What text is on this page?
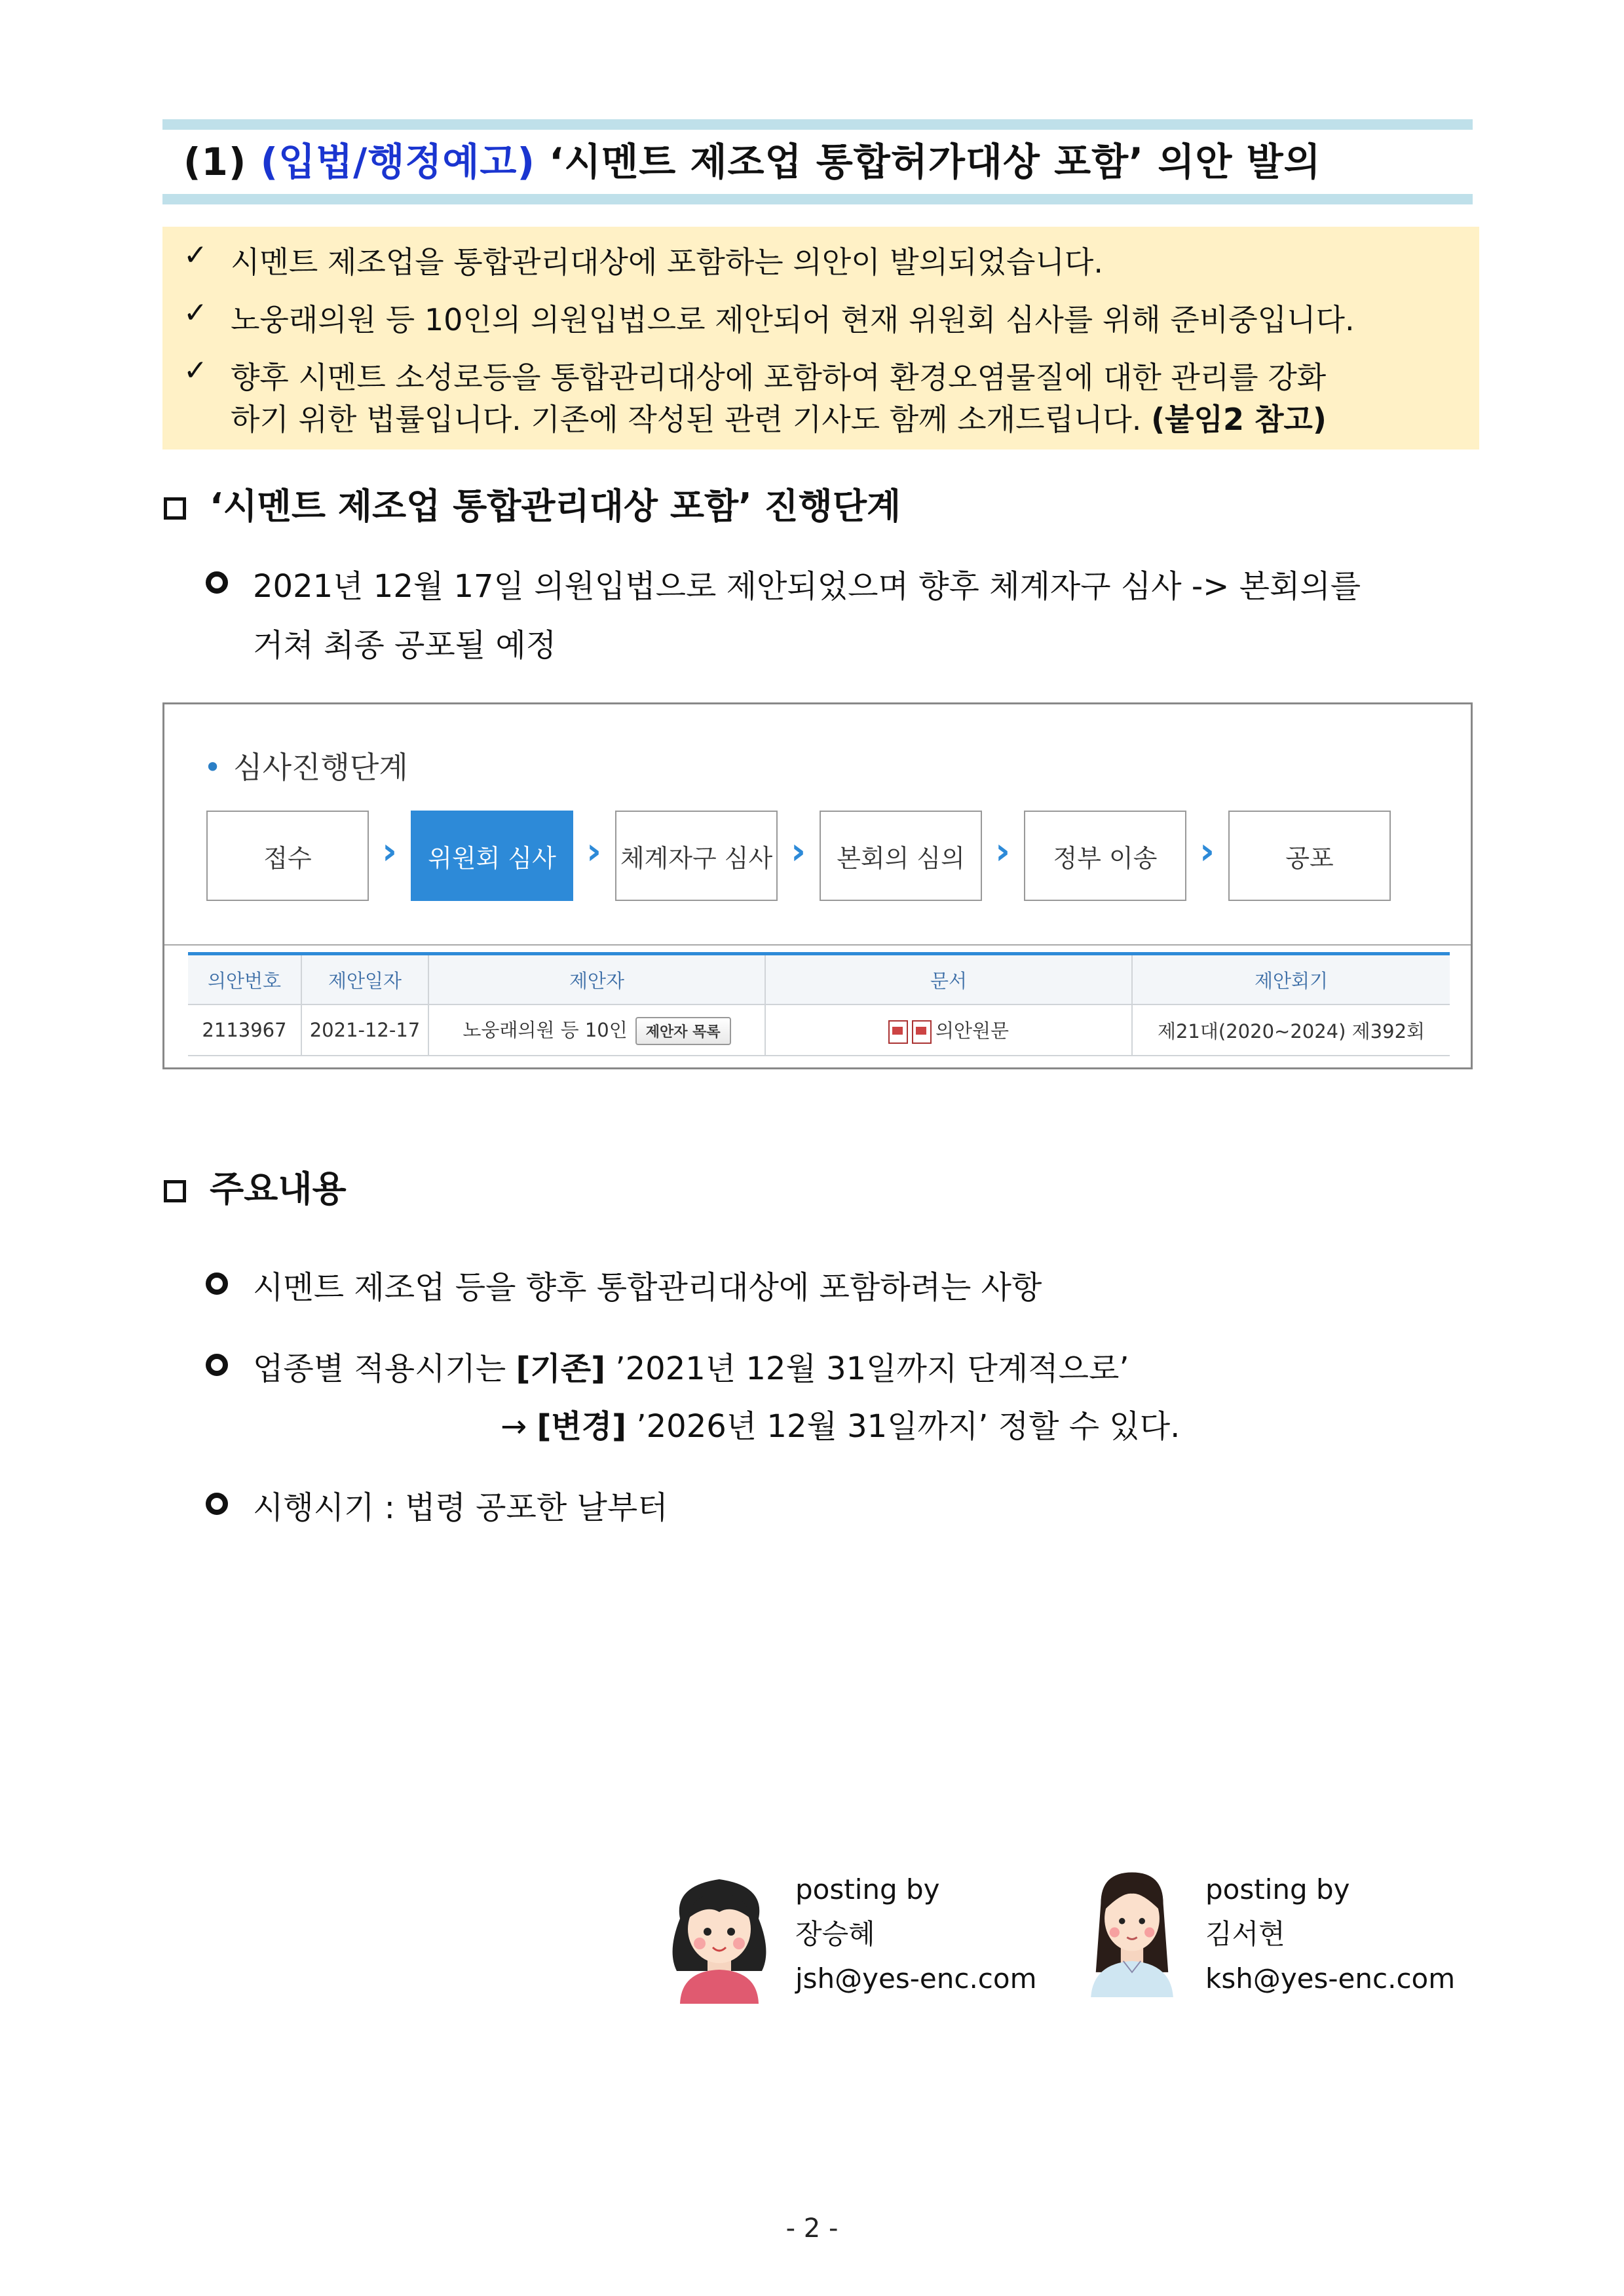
(1) (입법/행정예고) ‘시멘트 제조업 통합허가대상 포함’ 의안 발의
✓ 시멘트 제조업을 통합관리대상에 포함하는 의안이 발의되었습니다.
✓ 노웅래의원 등 10인의 의원입법으로 제안되어 현재 위원회 심사를 위해 준비중입니다.
✓ 향후 시멘트 소성로등을 통합관리대상에 포함하여 환경오염물질에 대한 관리를 강화
하기 위한 법률입니다. 기존에 작성된 관련 기사도 함께 소개드립니다. (붙임2 참고)
‘시멘트 제조업 통합관리대상 포함’ 진행단계
2021년 12월 17일 의원입법으로 제안되었으며 향후 체계자구 심사 -> 본회의를
거쳐 최종 공포될 예정
• 심사진행단계
접수	›	위원회 심사 › 체계자구 심사 ›	본회의 심의 ›	정부 이송	›	공포
의안번호	제안일자	제안자	문서	제안회기
2113967	2021-12-17	노웅래의원 등 10인 제안자 목록	의안원문	제21대(2020~2024) 제392회
주요내용
시멘트 제조업 등을 향후 통합관리대상에 포함하려는 사항
업종별 적용시기는 [기존] ’2021년 12월 31일까지 단계적으로’
→ [변경] ’2026년 12월 31일까지’ 정할 수 있다.
시행시기 : 법령 공포한 날부터
posting by
장승혜
jsh@yes-enc.com
posting by
김서현
ksh@yes-enc.com
- 2 -
